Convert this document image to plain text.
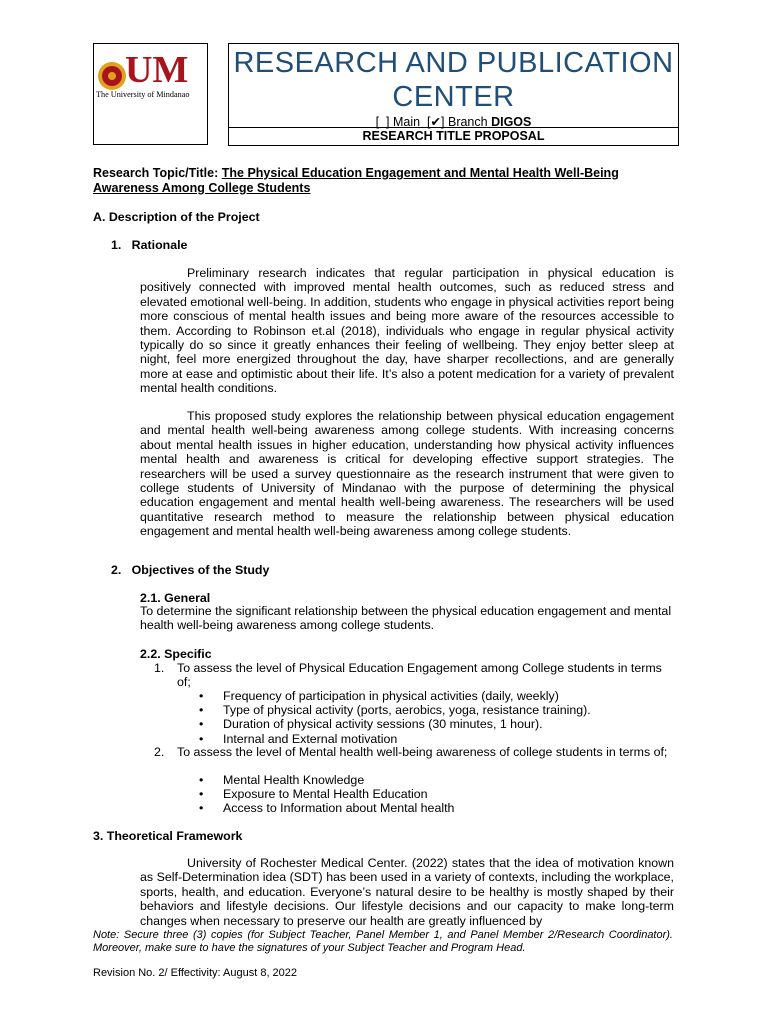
UM
The University of Mindanao
RESEARCH AND PUBLICATION CENTER
[  ] Main [✔] Branch DIGOS
RESEARCH TITLE PROPOSAL
Research Topic/Title: The Physical Education Engagement and Mental Health Well-Being Awareness Among College Students
A. Description of the Project
1.   Rationale
Preliminary research indicates that regular participation in physical education is positively connected with improved mental health outcomes, such as reduced stress and elevated emotional well-being. In addition, students who engage in physical activities report being more conscious of mental health issues and being more aware of the resources accessible to them. According to Robinson et.al (2018), individuals who engage in regular physical activity typically do so since it greatly enhances their feeling of wellbeing. They enjoy better sleep at night, feel more energized throughout the day, have sharper recollections, and are generally more at ease and optimistic about their life. It’s also a potent medication for a variety of prevalent mental health conditions.
This proposed study explores the relationship between physical education engagement and mental health well-being awareness among college students. With increasing concerns about mental health issues in higher education, understanding how physical activity influences mental health and awareness is critical for developing effective support strategies. The researchers will be used a survey questionnaire as the research instrument that were given to college students of University of Mindanao with the purpose of determining the physical education engagement and mental health well-being awareness. The researchers will be used quantitative research method to measure the relationship between physical education engagement and mental health well-being awareness among college students.
2.   Objectives of the Study
2.1. General
To determine the significant relationship between the physical education engagement and mental health well-being awareness among college students.
2.2. Specific
1. To assess the level of Physical Education Engagement among College students in terms of;
• Frequency of participation in physical activities (daily, weekly)
• Type of physical activity (ports, aerobics, yoga, resistance training).
• Duration of physical activity sessions (30 minutes, 1 hour).
• Internal and External motivation
2. To assess the level of Mental health well-being awareness of college students in terms of;
• Mental Health Knowledge
• Exposure to Mental Health Education
• Access to Information about Mental health
3. Theoretical Framework
University of Rochester Medical Center. (2022) states that the idea of motivation known as Self-Determination idea (SDT) has been used in a variety of contexts, including the workplace, sports, health, and education. Everyone’s natural desire to be healthy is mostly shaped by their behaviors and lifestyle decisions. Our lifestyle decisions and our capacity to make long-term changes when necessary to preserve our health are greatly influenced by
Note: Secure three (3) copies (for Subject Teacher, Panel Member 1, and Panel Member 2/Research Coordinator). Moreover, make sure to have the signatures of your Subject Teacher and Program Head.
Revision No. 2/ Effectivity: August 8, 2022
